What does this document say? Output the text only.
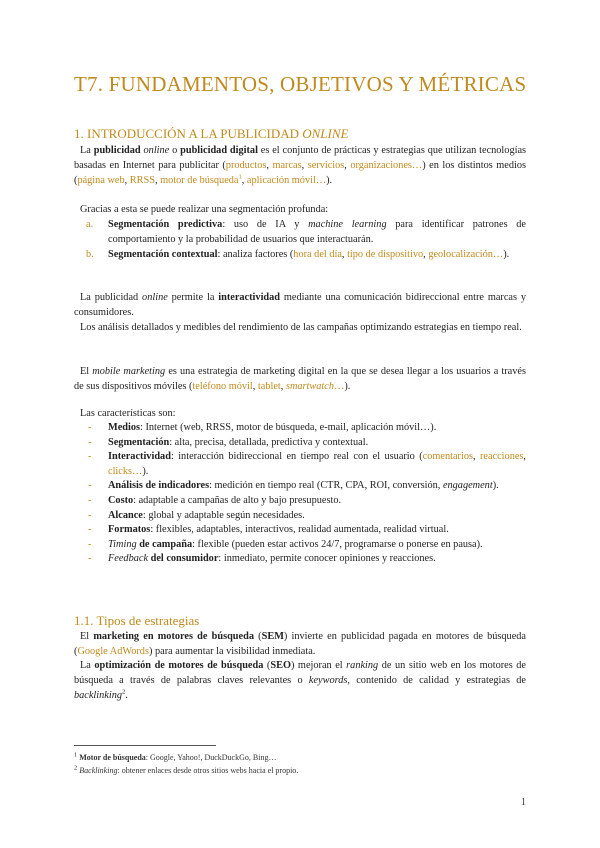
T7. FUNDAMENTOS, OBJETIVOS Y MÉTRICAS
1. INTRODUCCIÓN A LA PUBLICIDAD ONLINE
La publicidad online o publicidad digital es el conjunto de prácticas y estrategias que utilizan tecnologías basadas en Internet para publicitar (productos, marcas, servicios, organizaciones…) en los distintos medios (página web, RRSS, motor de búsqueda$^1$, aplicación móvil…).
Gracias a esta se puede realizar una segmentación profunda:
a. Segmentación predictiva: uso de IA y machine learning para identificar patrones de comportamiento y la probabilidad de usuarios que interactuarán.
b. Segmentación contextual: analiza factores (hora del día, tipo de dispositivo, geolocalización…).
La publicidad online permite la interactividad mediante una comunicación bidireccional entre marcas y consumidores.
Los análisis detallados y medibles del rendimiento de las campañas optimizando estrategias en tiempo real.
El mobile marketing es una estrategia de marketing digital en la que se desea llegar a los usuarios a través de sus dispositivos móviles (teléfono móvil, tablet, smartwatch…).
Las características son:
- Medios: Internet (web, RRSS, motor de búsqueda, e-mail, aplicación móvil…).
- Segmentación: alta, precisa, detallada, predictiva y contextual.
- Interactividad: interacción bidireccional en tiempo real con el usuario (comentarios, reacciones, clicks…).
- Análisis de indicadores: medición en tiempo real (CTR, CPA, ROI, conversión, engagement).
- Costo: adaptable a campañas de alto y bajo presupuesto.
- Alcance: global y adaptable según necesidades.
- Formatos: flexibles, adaptables, interactivos, realidad aumentada, realidad virtual.
- Timing de campaña: flexible (pueden estar activos 24/7, programarse o ponerse en pausa).
- Feedback del consumidor: inmediato, permite conocer opiniones y reacciones.
1.1. Tipos de estrategias
El marketing en motores de búsqueda (SEM) invierte en publicidad pagada en motores de búsqueda (Google AdWords) para aumentar la visibilidad inmediata.
La optimización de motores de búsqueda (SEO) mejoran el ranking de un sitio web en los motores de búsqueda a través de palabras claves relevantes o keywords, contenido de calidad y estrategias de backlinking$^2$.
$^1$ Motor de búsqueda: Google, Yahoo!, DuckDuckGo, Bing…
$^2$ Backlinking: obtener enlaces desde otros sitios webs hacia el propio.
1
